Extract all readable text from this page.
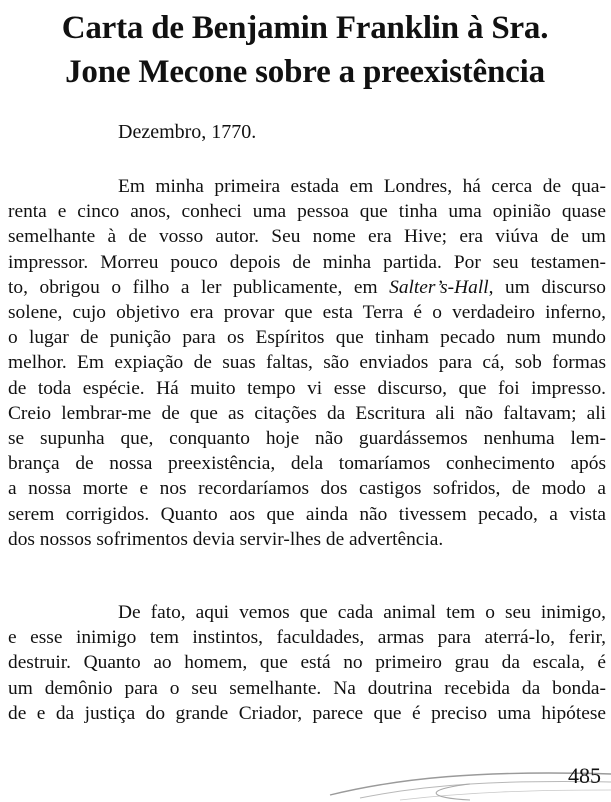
Carta de Benjamin Franklin à Sra.
Jone Mecone sobre a preexistência

Dezembro, 1770.

Em minha primeira estada em Londres, há cerca de qua-
renta e cinco anos, conheci uma pessoa que tinha uma opinião quase
semelhante à de vosso autor. Seu nome era Hive; era viúva de um
impressor. Morreu pouco depois de minha partida. Por seu testamen-
to, obrigou o filho a ler publicamente, em Salter’s-Hall, um discurso
solene, cujo objetivo era provar que esta Terra é o verdadeiro inferno,
o lugar de punição para os Espíritos que tinham pecado num mundo
melhor. Em expiação de suas faltas, são enviados para cá, sob formas
de toda espécie. Há muito tempo vi esse discurso, que foi impresso.
Creio lembrar-me de que as citações da Escritura ali não faltavam; ali
se supunha que, conquanto hoje não guardássemos nenhuma lem-
brança de nossa preexistência, dela tomaríamos conhecimento após
a nossa morte e nos recordaríamos dos castigos sofridos, de modo a
serem corrigidos. Quanto aos que ainda não tivessem pecado, a vista
dos nossos sofrimentos devia servir-lhes de advertência.
De fato, aqui vemos que cada animal tem o seu inimigo,
e esse inimigo tem instintos, faculdades, armas para aterrá-lo, ferir,
destruir. Quanto ao homem, que está no primeiro grau da escala, é
um demônio para o seu semelhante. Na doutrina recebida da bonda-
de e da justiça do grande Criador, parece que é preciso uma hipótese

485
